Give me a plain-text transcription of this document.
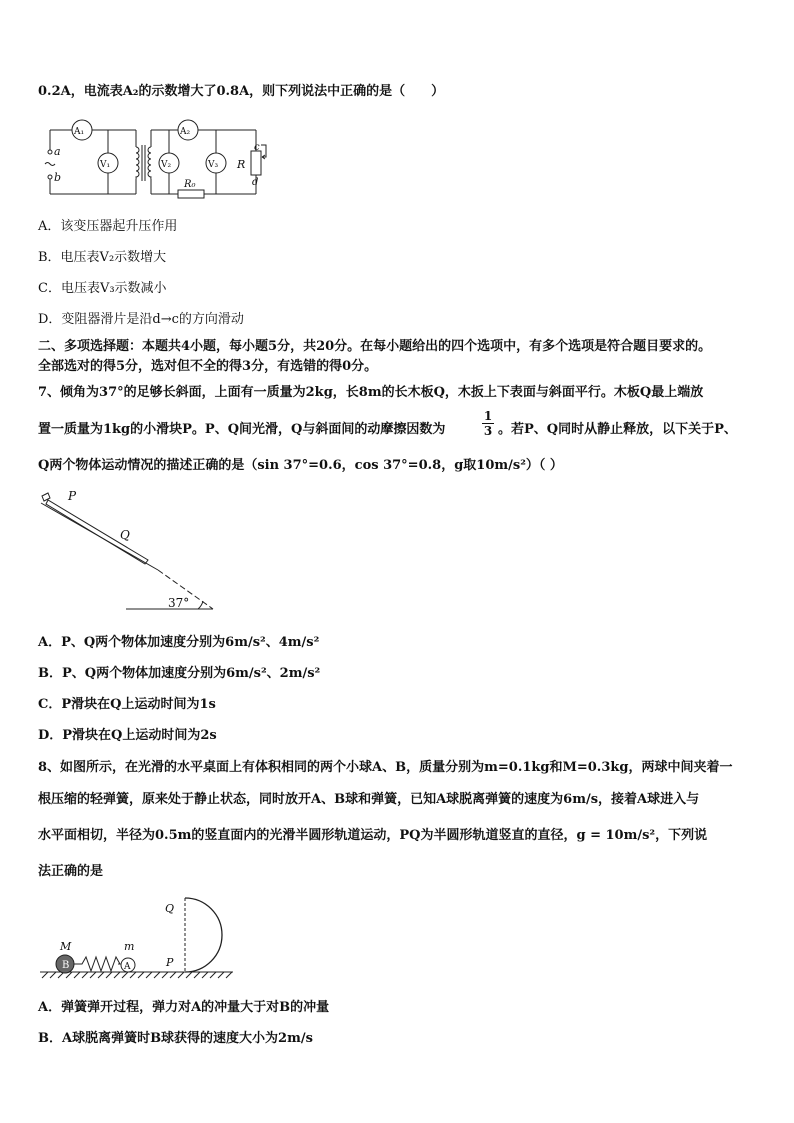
0.2A，电流表A₂的示数增大了0.8A，则下列说法中正确的是（　　）
a
b
A₁
V₁
A₂
V₂	V₃ R
R₀
c
d
A．该变压器起升压作用
B．电压表V₂示数增大
C．电压表V₃示数减小
D．变阻器滑片是沿d→c的方向滑动
二、多项选择题：本题共4小题，每小题5分，共20分。在每小题给出的四个选项中，有多个选项是符合题目要求的。
全部选对的得5分，选对但不全的得3分，有选错的得0分。
7、倾角为37°的足够长斜面，上面有一质量为2kg，长8m的长木板Q，木扳上下表面与斜面平行。木板Q最上端放
置一质量为1kg的小滑块P。P、Q间光滑，Q与斜面间的动摩擦因数为	$\frac{1}{3}$ 。若P、Q同时从静止释放，以下关于P、
Q两个物体运动情况的描述正确的是（sin 37°=0.6，cos 37°=0.8，g取10m/s²）（ ）
P
Q
37°
A．P、Q两个物体加速度分别为6m/s²、4m/s²
B．P、Q两个物体加速度分别为6m/s²、2m/s²
C．P滑块在Q上运动时间为1s
D．P滑块在Q上运动时间为2s
8、如图所示，在光滑的水平桌面上有体积相同的两个小球A、B，质量分别为m=0.1kg和M=0.3kg，两球中间夹着一
根压缩的轻弹簧，原来处于静止状态，同时放开A、B球和弹簧，已知A球脱离弹簧的速度为6m/s，接着A球进入与
水平面相切，半径为0.5m的竖直面内的光滑半圆形轨道运动，PQ为半圆形轨道竖直的直径，g = 10m/s²，下列说
法正确的是
B	A
Q
P
M	m
A．弹簧弹开过程，弹力对A的冲量大于对B的冲量
B．A球脱离弹簧时B球获得的速度大小为2m/s
